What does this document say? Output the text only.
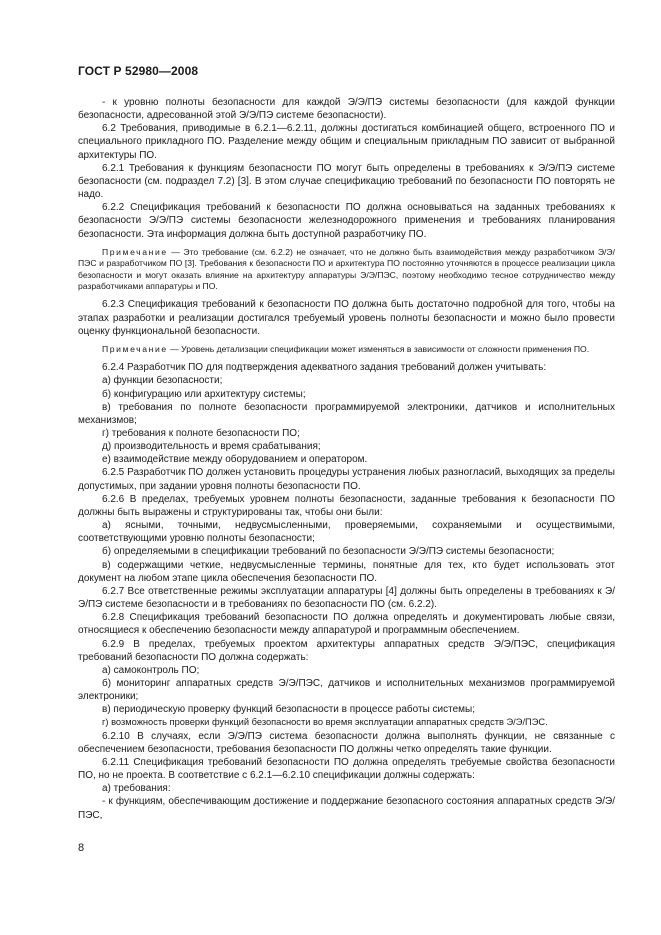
ГОСТ Р 52980—2008

- к уровню полноты безопасности для каждой Э/Э/ПЭ системы безопасности (для каждой функции безопасности, адресованной этой Э/Э/ПЭ системе безопасности).

6.2 Требования, приводимые в 6.2.1—6.2.11, должны достигаться комбинацией общего, встроенного ПО и специального прикладного ПО. Разделение между общим и специальным прикладным ПО зависит от выбранной архитектуры ПО.

6.2.1 Требования к функциям безопасности ПО могут быть определены в требованиях к Э/Э/ПЭ системе безопасности (см. подраздел 7.2) [3]. В этом случае спецификацию требований по безопасности ПО повторять не надо.

6.2.2 Спецификация требований к безопасности ПО должна основываться на заданных требованиях к безопасности Э/Э/ПЭ системы безопасности железнодорожного применения и требованиях планирования безопасности. Эта информация должна быть доступной разработчику ПО.

Примечание — Это требование (см. 6.2.2) не означает, что не должно быть взаимодействия между разработчиком Э/Э/ПЭС и разработчиком ПО [3]. Требования к безопасности ПО и архитектура ПО постоянно уточняются в процессе реализации цикла безопасности и могут оказать влияние на архитектуру аппаратуры Э/Э/ПЭС, поэтому необходимо тесное сотрудничество между разработчиками аппаратуры и ПО.

6.2.3 Спецификация требований к безопасности ПО должна быть достаточно подробной для того, чтобы на этапах разработки и реализации достигался требуемый уровень полноты безопасности и можно было провести оценку функциональной безопасности.

Примечание — Уровень детализации спецификации может изменяться в зависимости от сложности применения ПО.

6.2.4 Разработчик ПО для подтверждения адекватного задания требований должен учитывать:

а) функции безопасности;

б) конфигурацию или архитектуру системы;

в) требования по полноте безопасности программируемой электроники, датчиков и исполнительных механизмов;

г) требования к полноте безопасности ПО;

д) производительность и время срабатывания;

е) взаимодействие между оборудованием и оператором.

6.2.5 Разработчик ПО должен установить процедуры устранения любых разногласий, выходящих за пределы допустимых, при задании уровня полноты безопасности ПО.

6.2.6 В пределах, требуемых уровнем полноты безопасности, заданные требования к безопасности ПО должны быть выражены и структурированы так, чтобы они были:

а) ясными, точными, недвусмысленными, проверяемыми, сохраняемыми и осуществимыми, соответствующими уровню полноты безопасности;

б) определяемыми в спецификации требований по безопасности Э/Э/ПЭ системы безопасности;

в) содержащими четкие, недвусмысленные термины, понятные для тех, кто будет использовать этот документ на любом этапе цикла обеспечения безопасности ПО.

6.2.7 Все ответственные режимы эксплуатации аппаратуры [4] должны быть определены в требованиях к Э/Э/ПЭ системе безопасности и в требованиях по безопасности ПО (см. 6.2.2).

6.2.8 Спецификация требований безопасности ПО должна определять и документировать любые связи, относящиеся к обеспечению безопасности между аппаратурой и программным обеспечением.

6.2.9 В пределах, требуемых проектом архитектуры аппаратных средств Э/Э/ПЭС, спецификация требований безопасности ПО должна содержать:

а) самоконтроль ПО;

б) мониторинг аппаратных средств Э/Э/ПЭС, датчиков и исполнительных механизмов программируемой электроники;

в) периодическую проверку функций безопасности в процессе работы системы;

г) возможность проверки функций безопасности во время эксплуатации аппаратных средств Э/Э/ПЭС.

6.2.10 В случаях, если Э/Э/ПЭ система безопасности должна выполнять функции, не связанные с обеспечением безопасности, требования безопасности ПО должны четко определять такие функции.

6.2.11 Спецификация требований безопасности ПО должна определять требуемые свойства безопасности ПО, но не проекта. В соответствие с 6.2.1—6.2.10 спецификации должны содержать:

а) требования:

- к функциям, обеспечивающим достижение и поддержание безопасного состояния аппаратных средств Э/Э/ПЭС,

8
